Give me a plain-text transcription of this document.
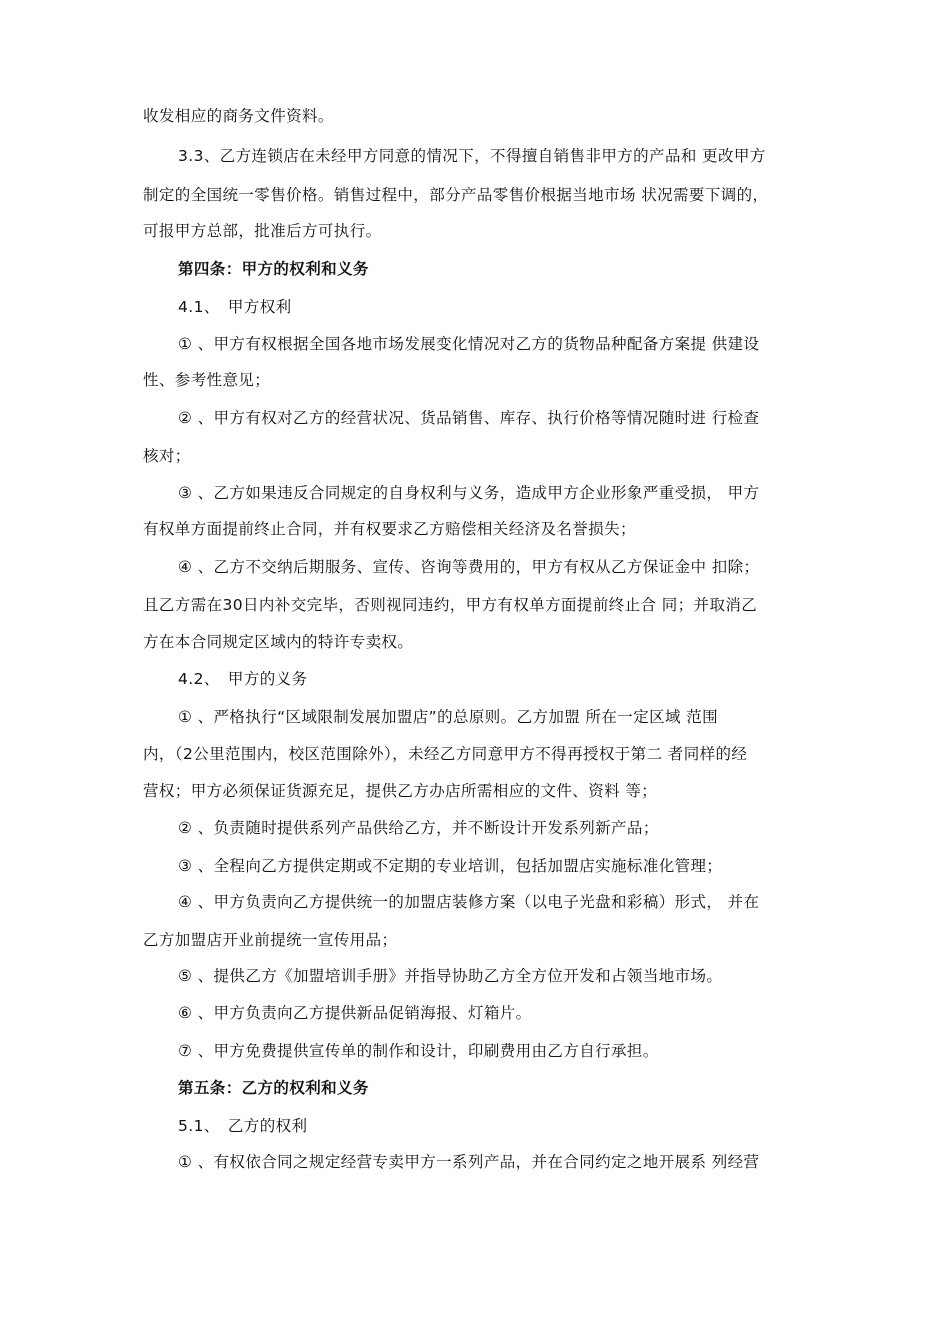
收发相应的商务文件资料。
3.3、乙方连锁店在未经甲方同意的情况下，不得擅自销售非甲方的产品和 更改甲方
制定的全国统一零售价格。销售过程中，部分产品零售价根据当地市场 状况需要下调的，
可报甲方总部，批准后方可执行。
第四条：甲方的权利和义务
4.1、　甲方权利
① 、甲方有权根据全国各地市场发展变化情况对乙方的货物品种配备方案提 供建设
性、参考性意见；
② 、甲方有权对乙方的经营状况、货品销售、库存、执行价格等情况随时进 行检查
核对；
③ 、乙方如果违反合同规定的自身权利与义务，造成甲方企业形象严重受损， 甲方
有权单方面提前终止合同，并有权要求乙方赔偿相关经济及名誉损失；
④ 、乙方不交纳后期服务、宣传、咨询等费用的，甲方有权从乙方保证金中 扣除；
且乙方需在30日内补交完毕，否则视同违约，甲方有权单方面提前终止合 同；并取消乙
方在本合同规定区域内的特许专卖权。
4.2、　甲方的义务
① 、严格执行“区域限制发展加盟店”的总原则。乙方加盟 所在一定区域 范围
内，（2公里范围内，校区范围除外），未经乙方同意甲方不得再授权于第二 者同样的经
营权；甲方必须保证货源充足，提供乙方办店所需相应的文件、资料 等；
② 、负责随时提供系列产品供给乙方，并不断设计开发系列新产品；
③ 、全程向乙方提供定期或不定期的专业培训，包括加盟店实施标准化管理；
④ 、甲方负责向乙方提供统一的加盟店装修方案（以电子光盘和彩稿）形式， 并在
乙方加盟店开业前提统一宣传用品；
⑤ 、提供乙方《加盟培训手册》并指导协助乙方全方位开发和占领当地市场。
⑥ 、甲方负责向乙方提供新品促销海报、灯箱片。
⑦ 、甲方免费提供宣传单的制作和设计，印刷费用由乙方自行承担。
第五条：乙方的权利和义务
5.1、　乙方的权利
① 、有权依合同之规定经营专卖甲方一系列产品，并在合同约定之地开展系 列经营
